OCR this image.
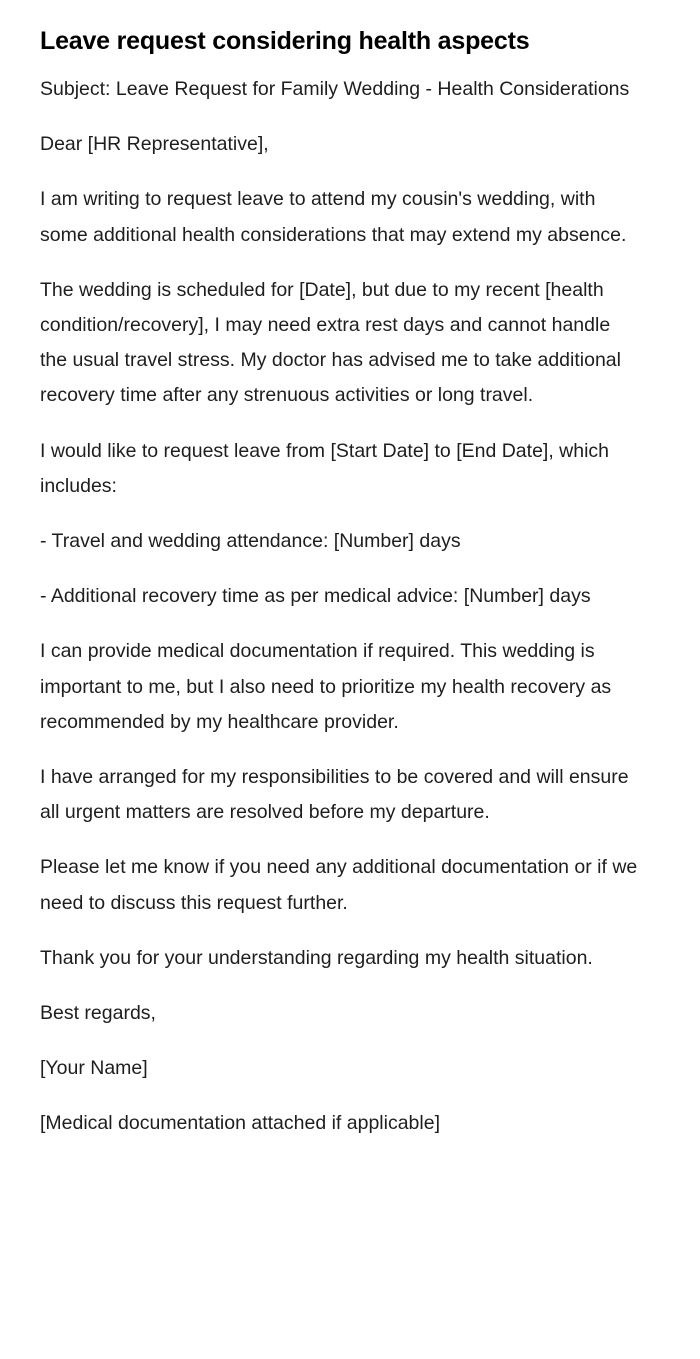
Leave request considering health aspects

Subject: Leave Request for Family Wedding - Health Considerations

Dear [HR Representative],

I am writing to request leave to attend my cousin's wedding, with some additional health considerations that may extend my absence.

The wedding is scheduled for [Date], but due to my recent [health condition/recovery], I may need extra rest days and cannot handle the usual travel stress. My doctor has advised me to take additional recovery time after any strenuous activities or long travel.

I would like to request leave from [Start Date] to [End Date], which includes:

- Travel and wedding attendance: [Number] days

- Additional recovery time as per medical advice: [Number] days

I can provide medical documentation if required. This wedding is important to me, but I also need to prioritize my health recovery as recommended by my healthcare provider.

I have arranged for my responsibilities to be covered and will ensure all urgent matters are resolved before my departure.

Please let me know if you need any additional documentation or if we need to discuss this request further.

Thank you for your understanding regarding my health situation.

Best regards,

[Your Name]

[Medical documentation attached if applicable]
